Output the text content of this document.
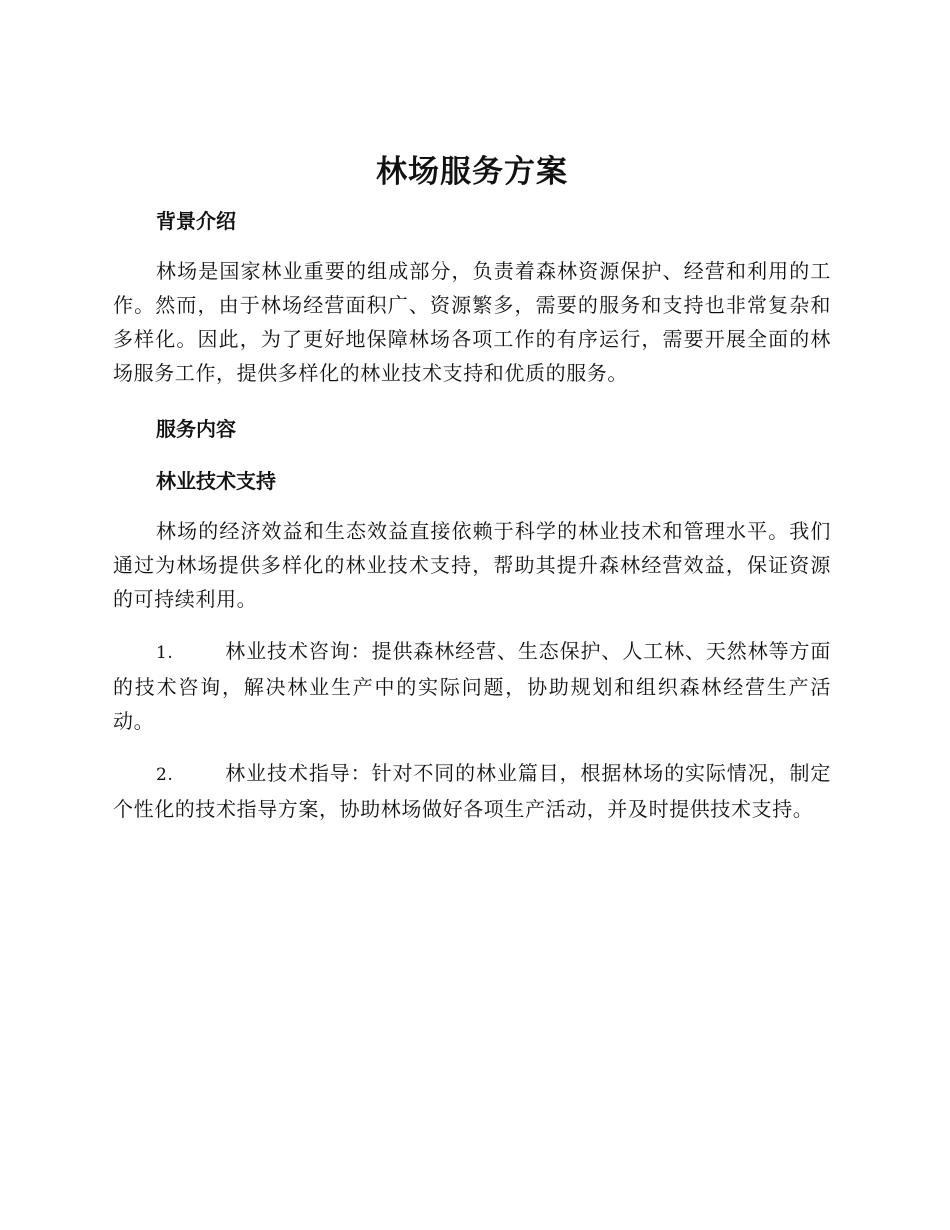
林场服务方案

背景介绍

林场是国家林业重要的组成部分，负责着森林资源保护、经营和利用的工作。然而，由于林场经营面积广、资源繁多，需要的服务和支持也非常复杂和多样化。因此，为了更好地保障林场各项工作的有序运行，需要开展全面的林场服务工作，提供多样化的林业技术支持和优质的服务。

服务内容

林业技术支持

林场的经济效益和生态效益直接依赖于科学的林业技术和管理水平。我们通过为林场提供多样化的林业技术支持，帮助其提升森林经营效益，保证资源的可持续利用。

1.	林业技术咨询：提供森林经营、生态保护、人工林、天然林等方面的技术咨询，解决林业生产中的实际问题，协助规划和组织森林经营生产活动。

2.	林业技术指导：针对不同的林业篇目，根据林场的实际情况，制定个性化的技术指导方案，协助林场做好各项生产活动，并及时提供技术支持。
